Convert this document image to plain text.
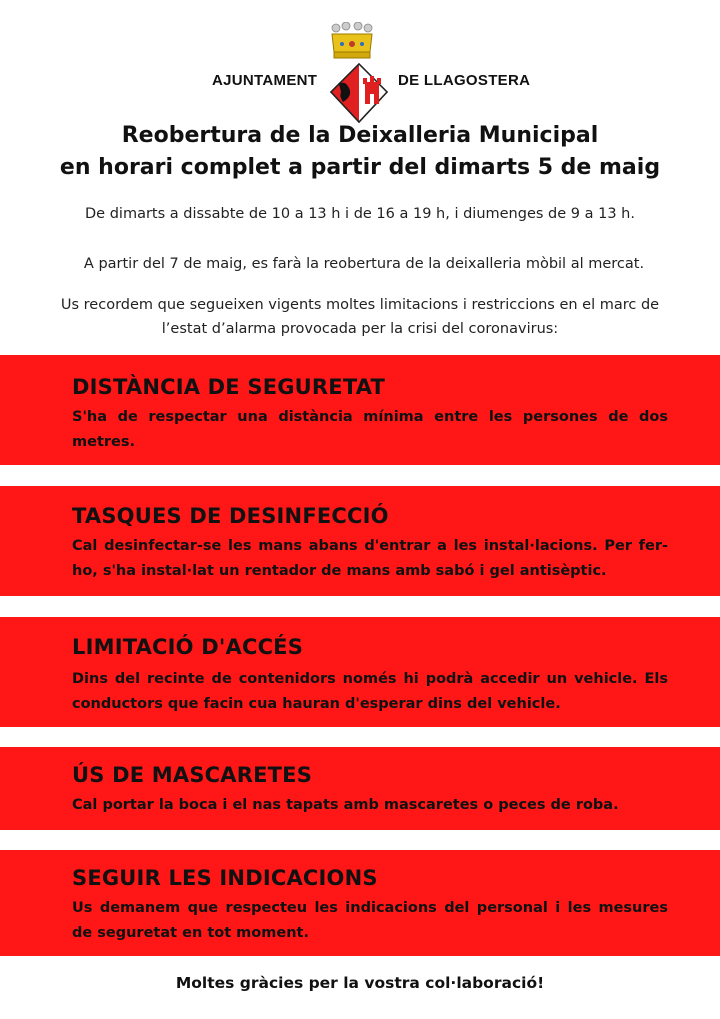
AJUNTAMENT	DE LLAGOSTERA
Reobertura de la Deixalleria Municipal
en horari complet a partir del dimarts 5 de maig
De dimarts a dissabte de 10 a 13 h i de 16 a 19 h, i diumenges de 9 a 13 h.
A partir del 7 de maig, es farà la reobertura de la deixalleria mòbil al mercat.
Us recordem que segueixen vigents moltes limitacions i restriccions en el marc de
l’estat d’alarma provocada per la crisi del coronavirus:
DISTÀNCIA DE SEGURETAT

S'ha de respectar una distància mínima entre les persones de dos metres.

TASQUES DE DESINFECCIÓ

Cal desinfectar-se les mans abans d'entrar a les instal·lacions. Per fer-ho, s'ha instal·lat un rentador de mans amb sabó i gel antisèptic.

LIMITACIÓ D'ACCÉS

Dins del recinte de contenidors només hi podrà accedir un vehicle. Els conductors que facin cua hauran d'esperar dins del vehicle.

ÚS DE MASCARETES

Cal portar la boca i el nas tapats amb mascaretes o peces de roba.

SEGUIR LES INDICACIONS

Us demanem que respecteu les indicacions del personal i les mesures de seguretat en tot moment.

Moltes gràcies per la vostra col·laboració!
